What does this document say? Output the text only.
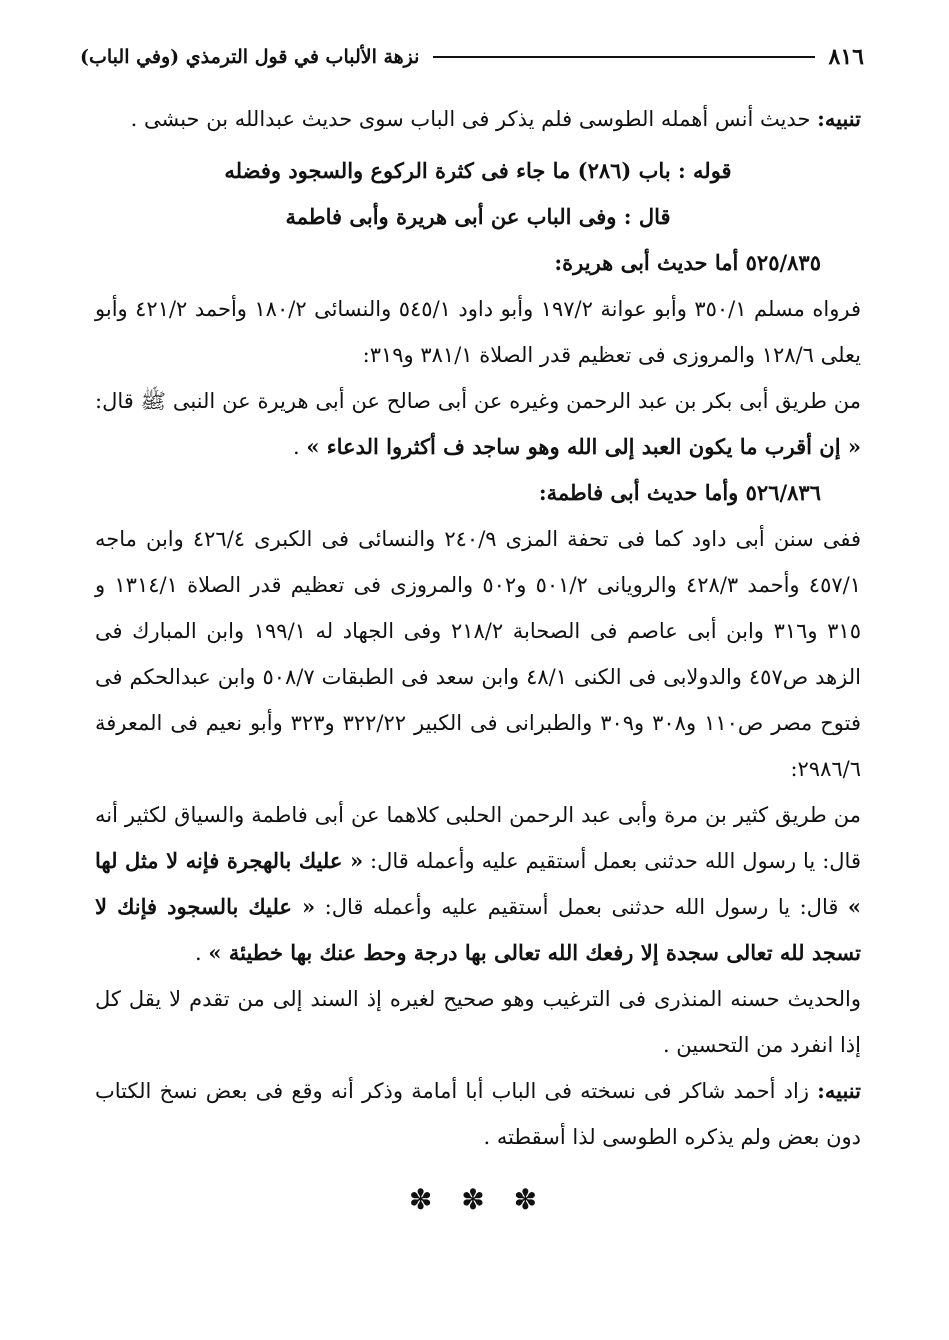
٨١٦
نزهة الألباب في قول الترمذي (وفي الباب)

تنبيه: حديث أنس أهمله الطوسى فلم يذكر فى الباب سوى حديث عبدالله بن حبشى .

قوله : باب (٢٨٦) ما جاء فى كثرة الركوع والسجود وفضله
قال : وفى الباب عن أبى هريرة وأبى فاطمة

٥٢٥/٨٣٥ أما حديث أبى هريرة:

فرواه مسلم ٣٥٠/١ وأبو عوانة ١٩٧/٢ وأبو داود ٥٤٥/١ والنسائى ١٨٠/٢ وأحمد ٤٢١/٢ وأبو يعلى ١٢٨/٦ والمروزى فى تعظيم قدر الصلاة ٣٨١/١ و٣١٩:

من طريق أبى بكر بن عبد الرحمن وغيره عن أبى صالح عن أبى هريرة عن النبى ﷺ قال: « إن أقرب ما يكون العبد إلى الله وهو ساجد ف أكثروا الدعاء » .

٥٢٦/٨٣٦ وأما حديث أبى فاطمة:

ففى سنن أبى داود كما فى تحفة المزى ٢٤٠/٩ والنسائى فى الكبرى ٤٢٦/٤ وابن ماجه ٤٥٧/١ وأحمد ٤٢٨/٣ والرويانى ٥٠١/٢ و٥٠٢ والمروزى فى تعظيم قدر الصلاة ١٣١٤/١ و ٣١٥ و٣١٦ وابن أبى عاصم فى الصحابة ٢١٨/٢ وفى الجهاد له ١٩٩/١ وابن المبارك فى الزهد ص٤٥٧ والدولابى فى الكنى ٤٨/١ وابن سعد فى الطبقات ٥٠٨/٧ وابن عبدالحكم فى فتوح مصر ص١١٠ و٣٠٨ و٣٠٩ والطبرانى فى الكبير ٣٢٢/٢٢ و٣٢٣ وأبو نعيم فى المعرفة ٢٩٨٦/٦:

من طريق كثير بن مرة وأبى عبد الرحمن الحلبى كلاهما عن أبى فاطمة والسياق لكثير أنه قال: يا رسول الله حدثنى بعمل أستقيم عليه وأعمله قال: « عليك بالهجرة فإنه لا مثل لها » قال: يا رسول الله حدثنى بعمل أستقيم عليه وأعمله قال: « عليك بالسجود فإنك لا تسجد لله تعالى سجدة إلا رفعك الله تعالى بها درجة وحط عنك بها خطيئة » .

والحديث حسنه المنذرى فى الترغيب وهو صحيح لغيره إذ السند إلى من تقدم لا يقل كل إذا انفرد من التحسين .

تنبيه: زاد أحمد شاكر فى نسخته فى الباب أبا أمامة وذكر أنه وقع فى بعض نسخ الكتاب دون بعض ولم يذكره الطوسى لذا أسقطته .

✽ ✽ ✽
